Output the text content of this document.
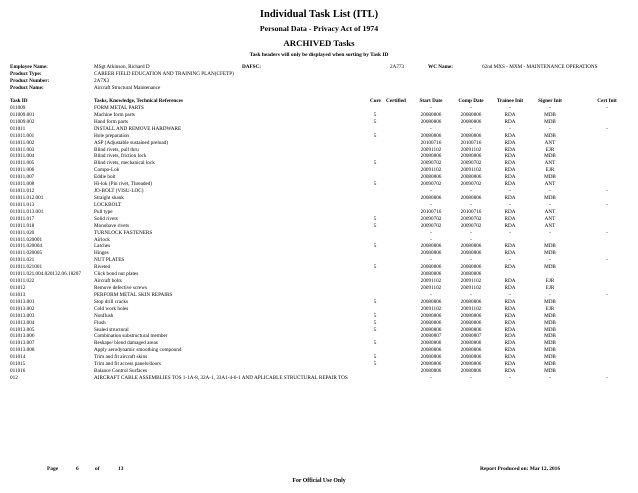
Individual Task List (ITL)
Personal Data - Privacy Act of 1974
ARCHIVED Tasks
Task headers will only be displayed when sorting by Task ID
Employee Name:	MSgt Atkinson, Richard D	DAFSC:	2A773	WC Name:	62nd MXS - MXM - MAINTENANCE OPERATIONS
Product Type:	CAREER FIELD EDUCATION AND TRAINING PLAN(CFETP)
Product Number:	2A7X3
Product Name:	Aircraft Structural Maintenance
Task ID	Tasks, Knowledge, Technical References	Core Certified	Start Date	Comp Date	Trainee Init	Signer Init	Cert Init
011009	FORM METAL PARTS	-	-	-	-	-
011009.001	Machine form parts	5	20080806	20080806	RDA	MDB
011009.002	Hand form parts	5	20080806	20080806	RDA	MDB
011011	INSTALL AND REMOVE HARDWARE	-	-	-	-	-
011011.001	Hole preparation	5	20080806	20080806	RDA	MDB
011011.002	ASP (Adjustable sustained preload)	20100716	20100716	RDA	ANT
011011.003	Blind rivets, pull thru	20091102	20091102	RDA	EJR
011011.004	Blind rivets, friction lock	20080806	20080806	RDA	MDB
011011.005	Blind rivets, mechanical lock	5	20090702	20090702	RDA	ANT
011011.006	Compo-Lok	20091102	20091102	RDA	EJR
011011.007	Eddie bolt	20080806	20080806	RDA	MDB
011011.008	Hi-lok (Pin rivet, Threaded)	5	20090702	20090702	RDA	ANT
011011.012	JO-BOLT (VISU-LOC)	-	-	-	-	-
011011.012.001	Straight shank	20080806	20080806	RDA	MDB
011011.013	LOCKBOLT	-	-	-	-	-
011011.013.001	Pull type	20100716	20100716	RDA	ANT
011011.017	Solid rivets	5	20090702	20090702	RDA	ANT
011011.018	Monobave rivets	5	20090702	20090702	RDA	ANT
011011.020	TURNLOCK FASTENERS	-	-	-	-	-
011011.020001	Airlock	-	-
011011.020004	Latches	5	20080806	20080806	RDA	MDB
011011.020005	Hinges	20080806	20080806	RDA	MDB
011011.021	NUT PLATES	-	-	-	-	-
011011.021001	Riveted	5	20080806	20080806	RDA	MDB
011011.021.004.020132.06.18207	Click bond nut plates	20080806	20080806
011011.022	Aircraft bolts	20091102	20091102	RDA	EJR
011012	Remove defective screws	20091102	20091102	RDA	EJR
011013	PERFORM METAL SKIN REPAIRS	-	-	-	-	-
011013.001	Stop drill cracks	5	20080806	20080806	RDA	MDB
011013.002	Cold work holes	20091102	20091102	RDA	EJR
011013.003	Nonflush	5	20080806	20080806	RDA	MDB
011013.004	Flush	5	20080806	20080806	RDA	MDB
011013.005	Sealed structural	5	20080806	20080806	RDA	MDB
011013.006	Combination substructural member	20080807	20080807	RDA	MDB
011013.007	Reshape/ blend damaged areas	5	20080806	20080806	RDA	MDB
011013.008	Apply aerodynamic smoothing compound	20080806	20080806	RDA	MDB
011014	Trim and fit aircraft skins	5	20080806	20080806	RDA	MDB
011015	Trim and fit access panels/doors	5	20080806	20080806	RDA	MDB
011016	Balance Control Surfaces	20080806	20080806	RDA	MDB
012	AIRCRAFT CABLE ASSEMBLIES TOS 1-1A-8, 32A-1, 33A1-4-6-1 AND APLICABLE STRUCTURAL REPAIR TOS	-	-	-	-	-
Page	6	of	13	Report Produced on: Mar 12, 2016
For Official Use Only
